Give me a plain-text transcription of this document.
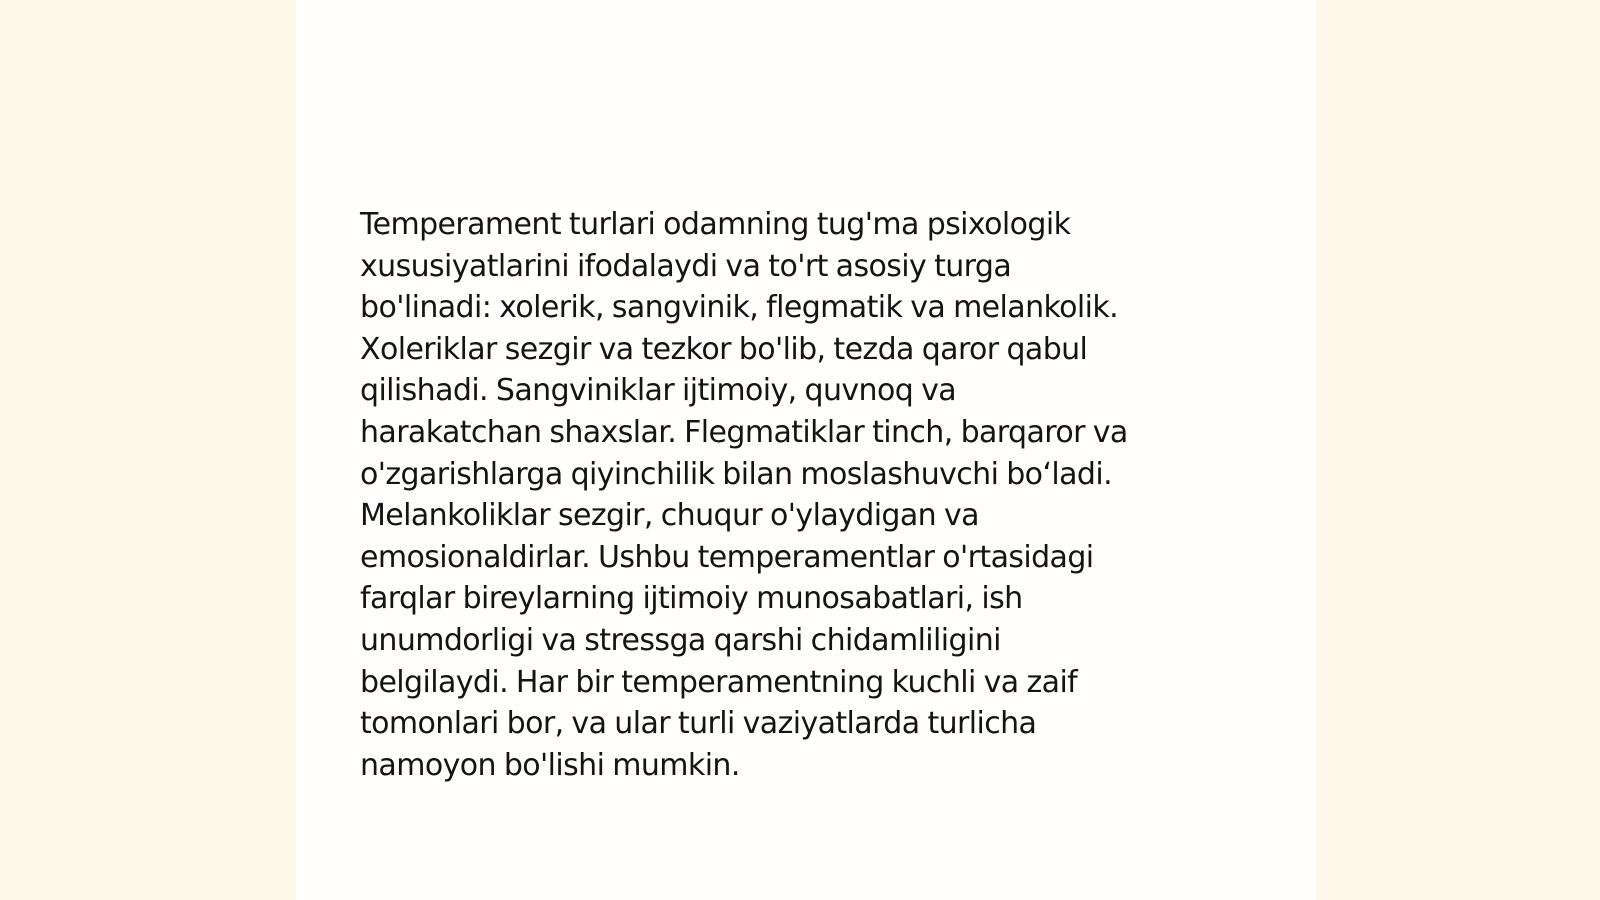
Temperament turlari odamning tug'ma psixologik
xususiyatlarini ifodalaydi va to'rt asosiy turga
bo'linadi: xolerik, sangvinik, flegmatik va melankolik.
Xoleriklar sezgir va tezkor bo'lib, tezda qaror qabul
qilishadi. Sangviniklar ijtimoiy, quvnoq va
harakatchan shaxslar. Flegmatiklar tinch, barqaror va
o'zgarishlarga qiyinchilik bilan moslashuvchi bo‘ladi.
Melankoliklar sezgir, chuqur o'ylaydigan va
emosionaldirlar. Ushbu temperamentlar o'rtasidagi
farqlar bireylarning ijtimoiy munosabatlari, ish
unumdorligi va stressga qarshi chidamliligini
belgilaydi. Har bir temperamentning kuchli va zaif
tomonlari bor, va ular turli vaziyatlarda turlicha
namoyon bo'lishi mumkin.
